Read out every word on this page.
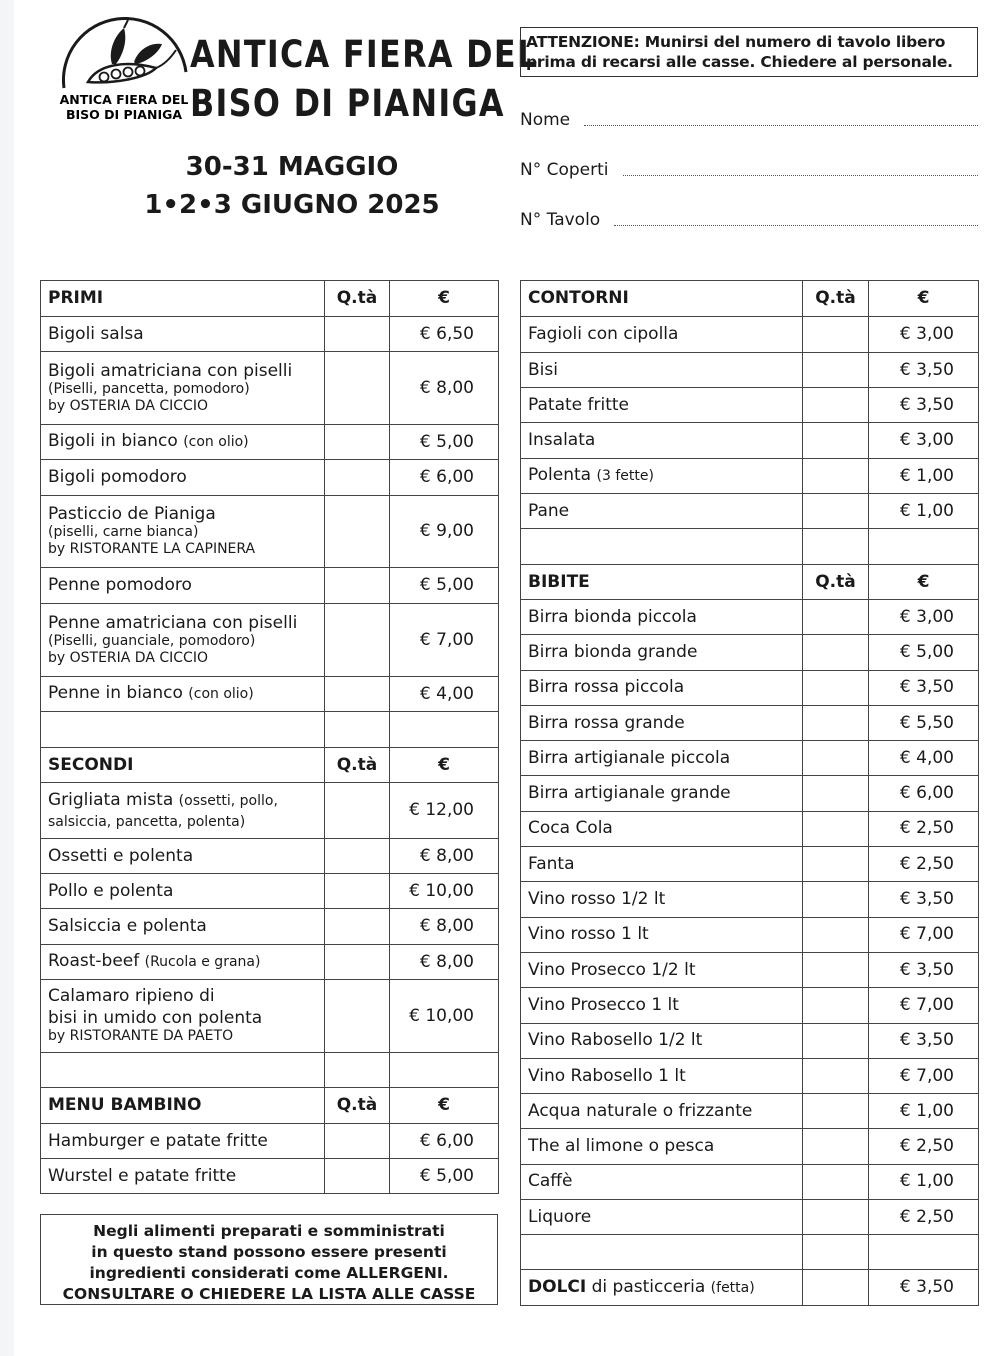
ANTICA FIERA DEL
BISO DI PIANIGA
ANTICA FIERA DEL
BISO DI PIANIGA
30-31 MAGGIO
1•2•3 GIUGNO 2025
ATTENZIONE: Munirsi del numero di tavolo libero
prima di recarsi alle casse. Chiedere al personale.
Nome
N° Coperti
N° Tavolo
PRIMI	Q.tà	€
Bigoli salsa		€ 6,50

Bigoli amatriciana con piselli
(Piselli, pancetta, pomodoro)
by OSTERIA DA CICCIO		€ 8,00
Bigoli in bianco (con olio)		€ 5,00
Bigoli pomodoro		€ 6,00

Pasticcio de Pianiga
(piselli, carne bianca)
by RISTORANTE LA CAPINERA		€ 9,00
Penne pomodoro		€ 5,00

Penne amatriciana con piselli
(Piselli, guanciale, pomodoro)
by OSTERIA DA CICCIO		€ 7,00
Penne in bianco (con olio)		€ 4,00

SECONDI	Q.tà	€

Grigliata mista (ossetti, pollo,
salsiccia, pancetta, polenta)		€ 12,00
Ossetti e polenta		€ 8,00
Pollo e polenta		€ 10,00
Salsiccia e polenta		€ 8,00
Roast-beef (Rucola e grana)		€ 8,00

Calamaro ripieno di
bisi in umido con polenta
by RISTORANTE DA PAETO		€ 10,00

MENU BAMBINO	Q.tà	€
Hamburger e patate fritte		€ 6,00
Wurstel e patate fritte		€ 5,00
Negli alimenti preparati e somministrati
in questo stand possono essere presenti
ingredienti considerati come ALLERGENI.
CONSULTARE O CHIEDERE LA LISTA ALLE CASSE
CONTORNI	Q.tà	€
Fagioli con cipolla		€ 3,00
Bisi		€ 3,50
Patate fritte		€ 3,50
Insalata		€ 3,00
Polenta (3 fette)		€ 1,00
Pane		€ 1,00

BIBITE	Q.tà	€
Birra bionda piccola		€ 3,00
Birra bionda grande		€ 5,00
Birra rossa piccola		€ 3,50
Birra rossa grande		€ 5,50
Birra artigianale piccola		€ 4,00
Birra artigianale grande		€ 6,00
Coca Cola		€ 2,50
Fanta		€ 2,50
Vino rosso 1/2 lt		€ 3,50
Vino rosso 1 lt		€ 7,00
Vino Prosecco 1/2 lt		€ 3,50
Vino Prosecco 1 lt		€ 7,00
Vino Rabosello 1/2 lt		€ 3,50
Vino Rabosello 1 lt		€ 7,00
Acqua naturale o frizzante		€ 1,00
The al limone o pesca		€ 2,50
Caffè		€ 1,00
Liquore		€ 2,50

DOLCI di pasticceria (fetta)		€ 3,50
